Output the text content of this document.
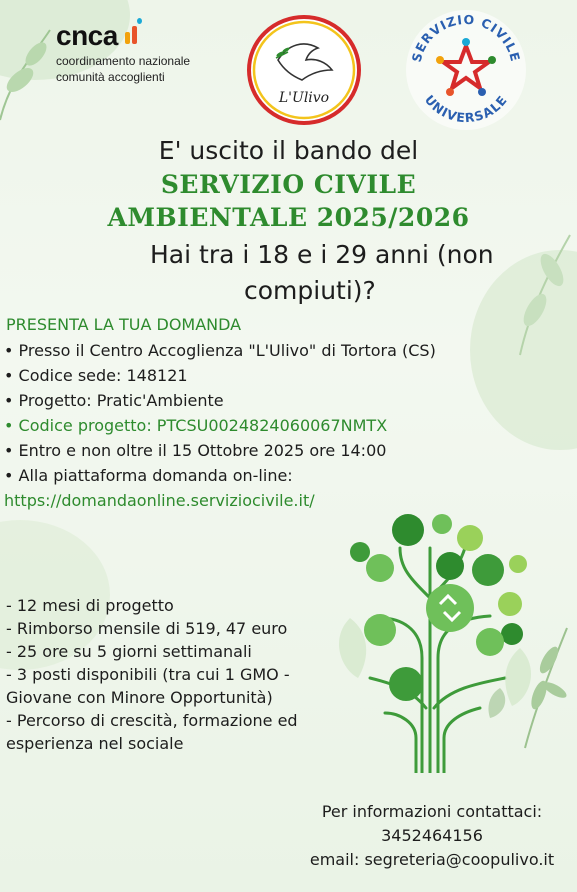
cnca
coordinamento nazionale
comunità accoglienti
L'Ulivo
SERVIZIO CIVILE
UNIVERSALE
E' uscito il bando del
SERVIZIO CIVILE
AMBIENTALE 2025/2026
Hai tra i 18 e i 29 anni (non
compiuti)?
PRESENTA LA TUA DOMANDA
• Presso il Centro Accoglienza "L'Ulivo" di Tortora (CS)
• Codice sede: 148121
• Progetto: Pratic'Ambiente
• Codice progetto: PTCSU0024824060067NMTX
• Entro e non oltre il 15 Ottobre 2025 ore 14:00
• Alla piattaforma domanda on-line:
https://domandaonline.serviziocivile.it/
- 12 mesi di progetto
- Rimborso mensile di 519, 47 euro
- 25 ore su 5 giorni settimanali
- 3 posti disponibili (tra cui 1 GMO - Giovane con Minore Opportunità)
- Percorso di crescità, formazione ed esperienza nel sociale
Per informazioni contattaci:
3452464156
email: segreteria@coopulivo.it
